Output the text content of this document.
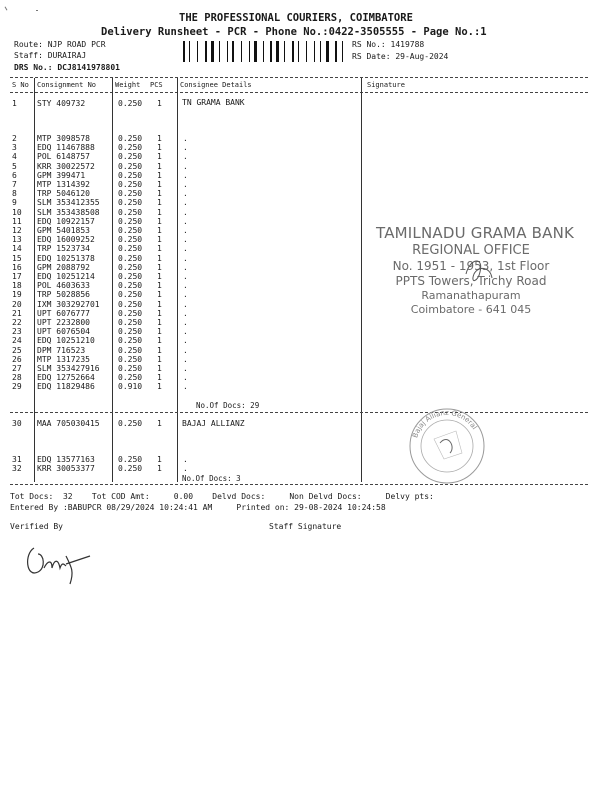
THE PROFESSIONAL COURIERS, COIMBATORE
Delivery Runsheet - PCR - Phone No.:0422-3505555 - Page No.:1
Route: NJP ROAD PCR
Staff: DURAIRAJ
DRS No.: DCJ8141978801
RS No.: 1419788
RS Date: 29-Aug-2024
S No Consignment No	Weight PCS Consignee Details	Signature
1	STY 409732	0.250 1
2	MTP 3098578	0.250 1	.
3	EDQ 11467888	0.250 1	.
4	POL 6148757	0.250 1	.
5	KRR 30022572	0.250 1	.
6	GPM 399471	0.250 1	.
7	MTP 1314392	0.250 1	.
8	TRP 5046120	0.250 1	.
9	SLM 353412355 0.250 1	.
10 SLM 353438508 0.250 1	.
11 EDQ 10922157	0.250 1	.
12 GPM 5401853	0.250 1	.
13 EDQ 16009252	0.250 1	.
14 TRP 1523734	0.250 1	.
15 EDQ 10251378	0.250 1	.
16 GPM 2088792	0.250 1	.
17 EDQ 10251214	0.250 1	.
18 POL 4603633	0.250 1	.
19 TRP 5028856	0.250 1	.
20 IXM 303292701 0.250 1	.
21 UPT 6076777	0.250 1	.
22 UPT 2232800	0.250 1	.
23 UPT 6076504	0.250 1	.
24 EDQ 10251210	0.250 1	.
25 DPM 716523	0.250 1	.
26 MTP 1317235	0.250 1	.
27 SLM 353427916 0.250 1	.
28 EDQ 12752664	0.250 1	.
29 EDQ 11829486	0.910 1	.
TN GRAMA BANK
No.Of Docs: 29
30 MAA 705030415 0.250 1
31 EDQ 13577163	0.250 1	.
32 KRR 30053377	0.250 1	.
BAJAJ ALLIANZ
No.Of Docs: 3
Tot Docs:  32    Tot COD Amt:     0.00    Delvd Docs:     Non Delvd Docs:     Delvy pts:
Entered By :BABUPCR 08/29/2024 10:24:41 AM     Printed on: 29-08-2024 10:24:58
Verified By	Staff Signature
TAMILNADU GRAMA BANK
REGIONAL OFFICE
No. 1951 - 1953, 1st Floor
PPTS Towers, Trichy Road
Ramanathapuram
Coimbatore - 641 045
Bajaj Allianz General
